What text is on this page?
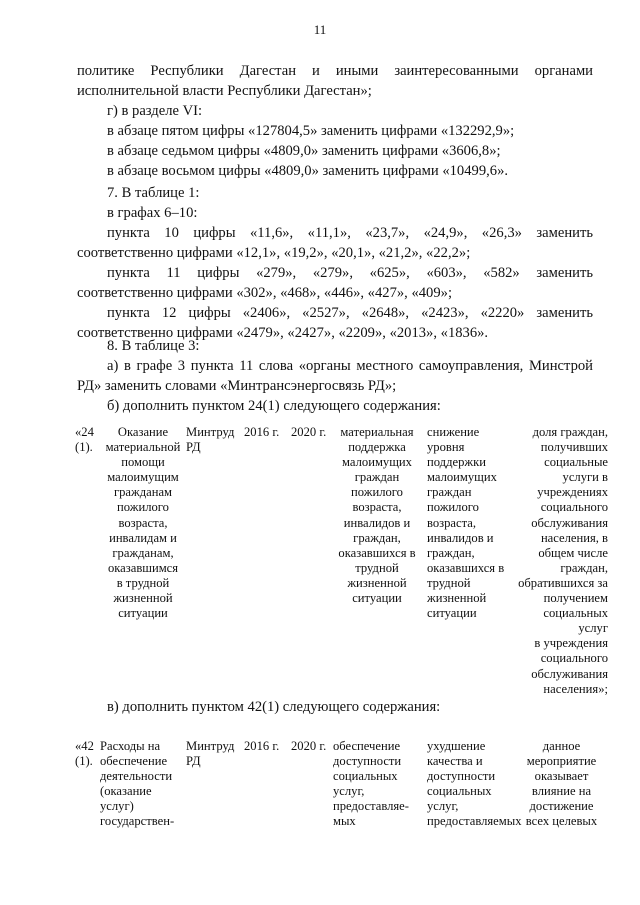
11
политике Республики Дагестан и иными заинтересованными органами
исполнительной власти Республики Дагестан»;
г) в разделе VI:
в абзаце пятом цифры «127804,5» заменить цифрами «132292,9»;
в абзаце седьмом цифры «4809,0» заменить цифрами «3606,8»;
в абзаце восьмом цифры «4809,0» заменить цифрами «10499,6».
7. В таблице 1:
в графах 6–10:
пункта 10 цифры «11,6», «11,1», «23,7», «24,9», «26,3» заменить
соответственно цифрами «12,1», «19,2», «20,1», «21,2», «22,2»;
пункта 11 цифры «279», «279», «625», «603», «582» заменить
соответственно цифрами «302», «468», «446», «427», «409»;
пункта 12 цифры «2406», «2527», «2648», «2423», «2220» заменить
соответственно цифрами «2479», «2427», «2209», «2013», «1836».
8. В таблице 3:
а) в графе 3 пункта 11 слова «органы местного самоуправления, Минстрой
РД» заменить словами «Минтрансэнергосвязь РД»;
б) дополнить пунктом 24(1) следующего содержания:
«24
(1).
Оказание
материальной
помощи
малоимущим
гражданам
пожилого
возраста,
инвалидам и
гражданам,
оказавшимся
в трудной
жизненной
ситуации
Минтруд
РД
2016 г. 2020 г.	материальная
поддержка
малоимущих
граждан
пожилого
возраста,
инвалидов и
граждан,
оказавшихся в
трудной
жизненной
ситуации
снижение
уровня
поддержки
малоимущих
граждан
пожилого
возраста,
инвалидов и
граждан,
оказавшихся в
трудной
жизненной
ситуации
доля граждан,
получивших
социальные
услуги в
учреждениях
социального
обслуживания
населения, в
общем числе
граждан,
обратившихся за
получением
социальных услуг
в учреждения
социального
обслуживания
населения»;
в) дополнить пунктом 42(1) следующего содержания:
«42
(1).
Расходы на
обеспечение
деятельности
(оказание
услуг)
государствен-
Минтруд
РД
2016 г. 2020 г. обеспечение
доступности
социальных
услуг,
предоставляе-
мых
ухудшение
качества и
доступности
социальных
услуг,
предоставляемых
данное
мероприятие
оказывает
влияние на
достижение
всех целевых
